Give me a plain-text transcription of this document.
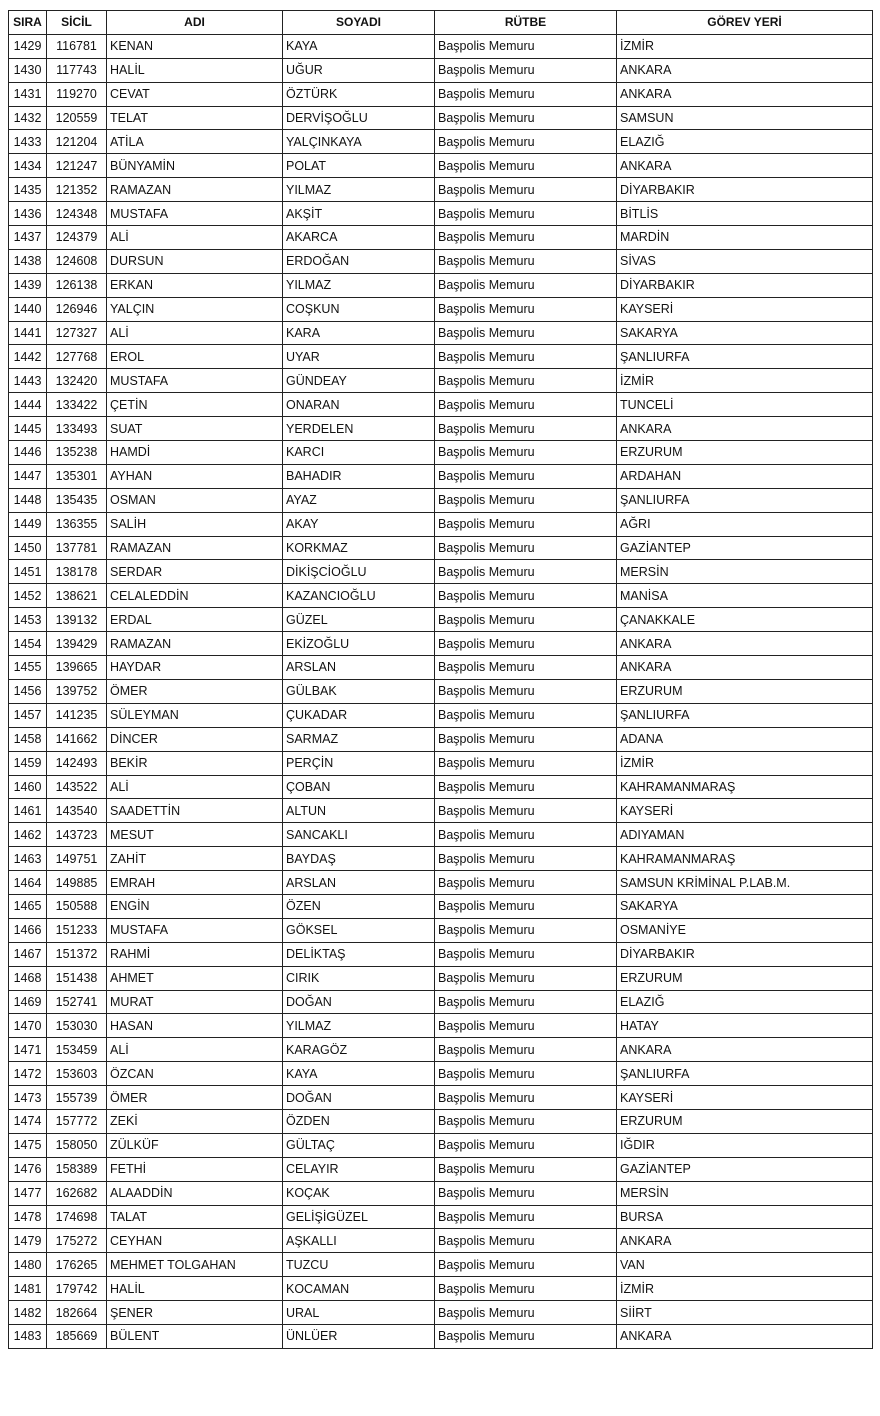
SIRA	SİCİL	ADI	SOYADI	RÜTBE	GÖREV YERİ
1429	116781	KENAN	KAYA	Başpolis Memuru	İZMİR
1430	117743	HALİL	UĞUR	Başpolis Memuru	ANKARA
1431	119270	CEVAT	ÖZTÜRK	Başpolis Memuru	ANKARA
1432	120559	TELAT	DERVİŞOĞLU	Başpolis Memuru	SAMSUN
1433	121204	ATİLA	YALÇINKAYA	Başpolis Memuru	ELAZIĞ
1434	121247	BÜNYAMİN	POLAT	Başpolis Memuru	ANKARA
1435	121352	RAMAZAN	YILMAZ	Başpolis Memuru	DİYARBAKIR
1436	124348	MUSTAFA	AKŞİT	Başpolis Memuru	BİTLİS
1437	124379	ALİ	AKARCA	Başpolis Memuru	MARDİN
1438	124608	DURSUN	ERDOĞAN	Başpolis Memuru	SİVAS
1439	126138	ERKAN	YILMAZ	Başpolis Memuru	DİYARBAKIR
1440	126946	YALÇIN	COŞKUN	Başpolis Memuru	KAYSERİ
1441	127327	ALİ	KARA	Başpolis Memuru	SAKARYA
1442	127768	EROL	UYAR	Başpolis Memuru	ŞANLIURFA
1443	132420	MUSTAFA	GÜNDEAY	Başpolis Memuru	İZMİR
1444	133422	ÇETİN	ONARAN	Başpolis Memuru	TUNCELİ
1445	133493	SUAT	YERDELEN	Başpolis Memuru	ANKARA
1446	135238	HAMDİ	KARCI	Başpolis Memuru	ERZURUM
1447	135301	AYHAN	BAHADIR	Başpolis Memuru	ARDAHAN
1448	135435	OSMAN	AYAZ	Başpolis Memuru	ŞANLIURFA
1449	136355	SALİH	AKAY	Başpolis Memuru	AĞRI
1450	137781	RAMAZAN	KORKMAZ	Başpolis Memuru	GAZİANTEP
1451	138178	SERDAR	DİKİŞCİOĞLU	Başpolis Memuru	MERSİN
1452	138621	CELALEDDİN	KAZANCIOĞLU	Başpolis Memuru	MANİSA
1453	139132	ERDAL	GÜZEL	Başpolis Memuru	ÇANAKKALE
1454	139429	RAMAZAN	EKİZOĞLU	Başpolis Memuru	ANKARA
1455	139665	HAYDAR	ARSLAN	Başpolis Memuru	ANKARA
1456	139752	ÖMER	GÜLBAK	Başpolis Memuru	ERZURUM
1457	141235	SÜLEYMAN	ÇUKADAR	Başpolis Memuru	ŞANLIURFA
1458	141662	DİNCER	SARMAZ	Başpolis Memuru	ADANA
1459	142493	BEKİR	PERÇİN	Başpolis Memuru	İZMİR
1460	143522	ALİ	ÇOBAN	Başpolis Memuru	KAHRAMANMARAŞ
1461	143540	SAADETTİN	ALTUN	Başpolis Memuru	KAYSERİ
1462	143723	MESUT	SANCAKLI	Başpolis Memuru	ADIYAMAN
1463	149751	ZAHİT	BAYDAŞ	Başpolis Memuru	KAHRAMANMARAŞ
1464	149885	EMRAH	ARSLAN	Başpolis Memuru	SAMSUN KRİMİNAL P.LAB.M.
1465	150588	ENGİN	ÖZEN	Başpolis Memuru	SAKARYA
1466	151233	MUSTAFA	GÖKSEL	Başpolis Memuru	OSMANİYE
1467	151372	RAHMİ	DELİKTAŞ	Başpolis Memuru	DİYARBAKIR
1468	151438	AHMET	CIRIK	Başpolis Memuru	ERZURUM
1469	152741	MURAT	DOĞAN	Başpolis Memuru	ELAZIĞ
1470	153030	HASAN	YILMAZ	Başpolis Memuru	HATAY
1471	153459	ALİ	KARAGÖZ	Başpolis Memuru	ANKARA
1472	153603	ÖZCAN	KAYA	Başpolis Memuru	ŞANLIURFA
1473	155739	ÖMER	DOĞAN	Başpolis Memuru	KAYSERİ
1474	157772	ZEKİ	ÖZDEN	Başpolis Memuru	ERZURUM
1475	158050	ZÜLKÜF	GÜLTAÇ	Başpolis Memuru	IĞDIR
1476	158389	FETHİ	CELAYIR	Başpolis Memuru	GAZİANTEP
1477	162682	ALAADDİN	KOÇAK	Başpolis Memuru	MERSİN
1478	174698	TALAT	GELİŞİGÜZEL	Başpolis Memuru	BURSA
1479	175272	CEYHAN	AŞKALLI	Başpolis Memuru	ANKARA
1480	176265	MEHMET TOLGAHAN	TUZCU	Başpolis Memuru	VAN
1481	179742	HALİL	KOCAMAN	Başpolis Memuru	İZMİR
1482	182664	ŞENER	URAL	Başpolis Memuru	SİİRT
1483	185669	BÜLENT	ÜNLÜER	Başpolis Memuru	ANKARA
